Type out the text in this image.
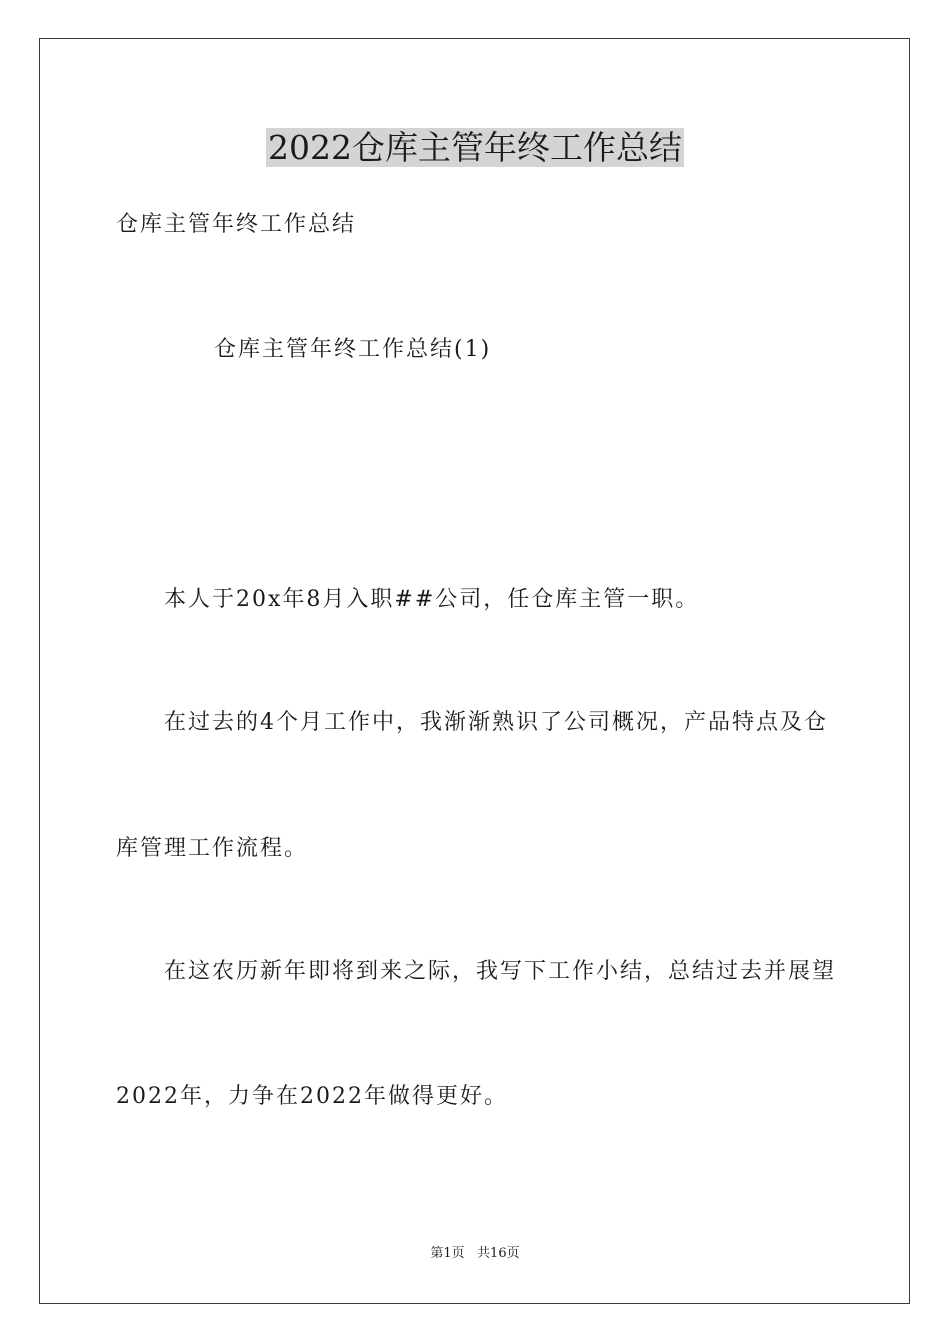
2022仓库主管年终工作总结
仓库主管年终工作总结
仓库主管年终工作总结(1)
本人于20x年8月入职##公司，任仓库主管一职。
在过去的4个月工作中，我渐渐熟识了公司概况，产品特点及仓
库管理工作流程。
在这农历新年即将到来之际，我写下工作小结，总结过去并展望
2022年，力争在2022年做得更好。
第1页   共16页
